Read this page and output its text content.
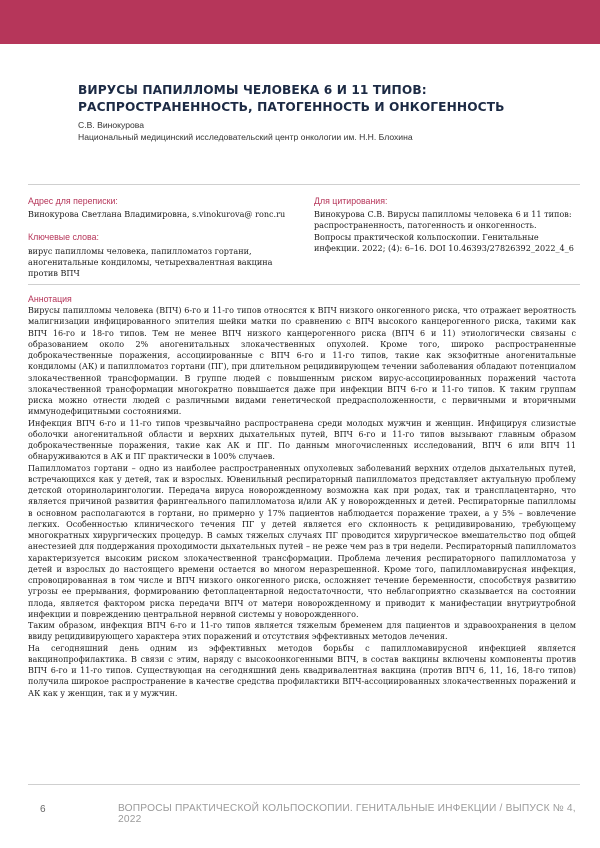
ВИРУСЫ ПАПИЛЛОМЫ ЧЕЛОВЕКА 6 И 11 ТИПОВ: РАСПРОСТРАНЕННОСТЬ, ПАТОГЕННОСТЬ И ОНКОГЕННОСТЬ
С.В. Винокурова
Национальный медицинский исследовательский центр онкологии им. Н.Н. Блохина
Адрес для переписки:

Винокурова Светлана Владимировна, s.vinokurova@ ronc.ru

Ключевые слова:

вирус папилломы человека, папилломатоз гортани, аногенитальные кондиломы, четырехвалентная вакцина против ВПЧ

Для цитирования:

Винокурова С.В. Вирусы папилломы человека 6 и 11 типов: распространенность, патогенность и онкогенность. Вопросы практической кольпоскопии. Генитальные инфекции. 2022; (4): 6–16. DOI 10.46393/27826392_2022_4_6

Аннотация

Вирусы папилломы человека (ВПЧ) 6-го и 11-го типов относятся к ВПЧ низкого онкогенного риска, что отражает вероятность малигнизации инфицированного эпителия шейки матки по сравнению с ВПЧ высокого канцерогенного риска, такими как ВПЧ 16-го и 18-го типов. Тем не менее ВПЧ низкого канцерогенного риска (ВПЧ 6 и 11) этиологически связаны с образованием около 2% аногенитальных злокачественных опухолей. Кроме того, широко распространенные доброкачественные поражения, ассоциированные с ВПЧ 6-го и 11-го типов, такие как экзофитные аногенитальные кондиломы (АК) и папилломатоз гортани (ПГ), при длительном рецидивирующем течении заболевания обладают потенциалом злокачественной трансформации. В группе людей с повышенным риском вирус-ассоциированных поражений частота злокачественной трансформации многократно повышается даже при инфекции ВПЧ 6-го и 11-го типов. К таким группам риска можно отнести людей с различными видами генетической предрасположенности, с первичными и вторичными иммунодефицитными состояниями.

Инфекция ВПЧ 6-го и 11-го типов чрезвычайно распространена среди молодых мужчин и женщин. Инфицируя слизистые оболочки аногенитальной области и верхних дыхательных путей, ВПЧ 6-го и 11-го типов вызывают главным образом доброкачественные поражения, такие как АК и ПГ. По данным многочисленных исследований, ВПЧ 6 или ВПЧ 11 обнаруживаются в АК и ПГ практически в 100% случаев.

Папилломатоз гортани – одно из наиболее распространенных опухолевых заболеваний верхних отделов дыхательных путей, встречающихся как у детей, так и взрослых. Ювенильный респираторный папилломатоз представляет актуальную проблему детской оториноларингологии. Передача вируса новорожденному возможна как при родах, так и трансплацентарно, что является причиной развития фарингеального папилломатоза и/или АК у новорожденных и детей. Респираторные папилломы в основном располагаются в гортани, но примерно у 17% пациентов наблюдается поражение трахеи, а у 5% – вовлечение легких. Особенностью клинического течения ПГ у детей является его склонность к рецидивированию, требующему многократных хирургических процедур. В самых тяжелых случаях ПГ проводится хирургическое вмешательство под общей анестезией для поддержания проходимости дыхательных путей – не реже чем раз в три недели. Респираторный папилломатоз характеризуется высоким риском злокачественной трансформации. Проблема лечения респираторного папилломатоза у детей и взрослых до настоящего времени остается во многом неразрешенной. Кроме того, папилломавирусная инфекция, спровоцированная в том числе и ВПЧ низкого онкогенного риска, осложняет течение беременности, способствуя развитию угрозы ее прерывания, формированию фетоплацентарной недостаточности, что неблагоприятно сказывается на состоянии плода, является фактором риска передачи ВПЧ от матери новорожденному и приводит к манифестации внутриутробной инфекции и повреждению центральной нервной системы у новорожденного.

Таким образом, инфекция ВПЧ 6-го и 11-го типов является тяжелым бременем для пациентов и здравоохранения в целом ввиду рецидивирующего характера этих поражений и отсутствия эффективных методов лечения.

На сегодняшний день одним из эффективных методов борьбы с папилломавирусной инфекцией является вакцинопрофилактика. В связи с этим, наряду с высокоонкогенными ВПЧ, в состав вакцины включены компоненты против ВПЧ 6-го и 11-го типов. Существующая на сегодняшний день квадривалентная вакцина (против ВПЧ 6, 11, 16, 18-го типов) получила широкое распространение в качестве средства профилактики ВПЧ-ассоциированных злокачественных поражений и АК как у женщин, так и у мужчин.

6	ВОПРОСЫ ПРАКТИЧЕСКОЙ КОЛЬПОСКОПИИ. ГЕНИТАЛЬНЫЕ ИНФЕКЦИИ / ВЫПУСК № 4, 2022
